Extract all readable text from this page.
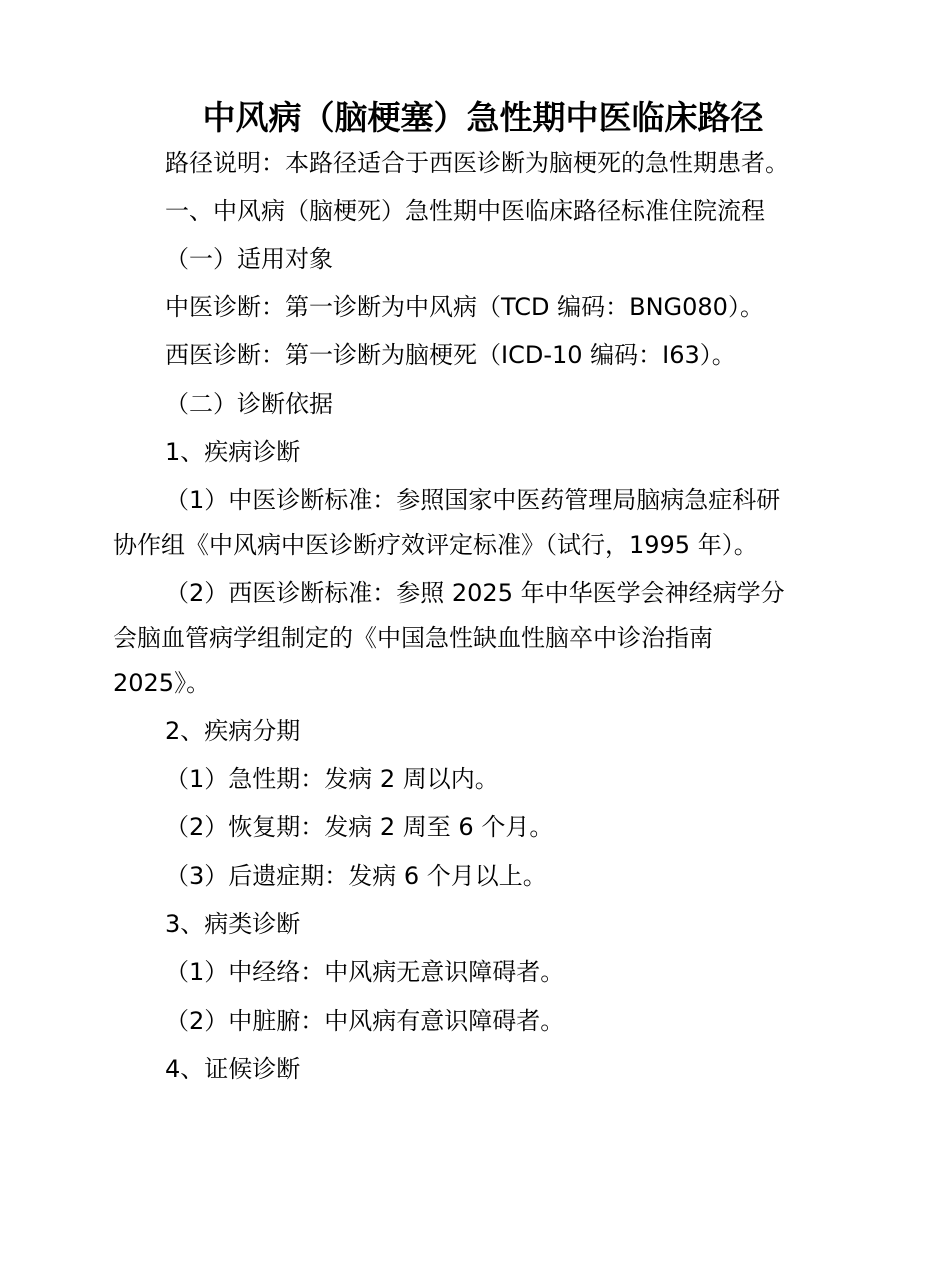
中风病（脑梗塞）急性期中医临床路径
路径说明：本路径适合于西医诊断为脑梗死的急性期患者。
一、中风病（脑梗死）急性期中医临床路径标准住院流程
（一）适用对象
中医诊断：第一诊断为中风病（TCD 编码：BNG080）。
西医诊断：第一诊断为脑梗死（ICD-10 编码：I63）。
（二）诊断依据
1、疾病诊断
（1）中医诊断标准：参照国家中医药管理局脑病急症科研
协作组《中风病中医诊断疗效评定标准》（试行，1995 年）。
（2）西医诊断标准：参照 2025 年中华医学会神经病学分
会脑血管病学组制定的《中国急性缺血性脑卒中诊治指南
2025》。
2、疾病分期
（1）急性期：发病 2 周以内。
（2）恢复期：发病 2 周至 6 个月。
（3）后遗症期：发病 6 个月以上。
3、病类诊断
（1）中经络：中风病无意识障碍者。
（2）中脏腑：中风病有意识障碍者。
4、证候诊断
